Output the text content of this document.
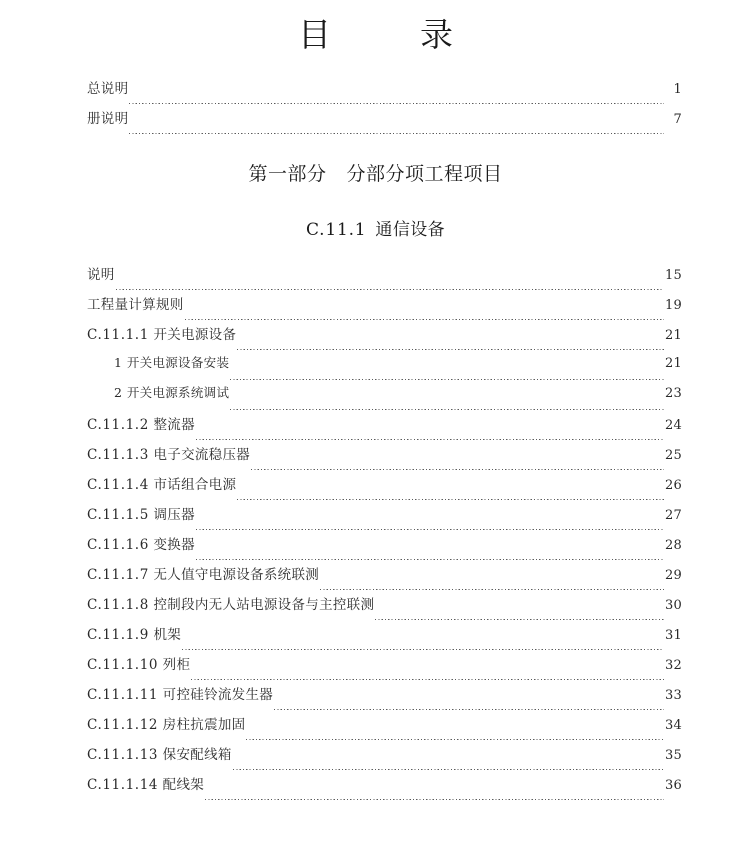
目　录
总说明	1
册说明	7
第一部分 分部分项工程项目
C.11.1 通信设备
说明	15
工程量计算规则	19
C.11.1.1 开关电源设备	21
1 开关电源设备安装	21
2 开关电源系统调试	23
C.11.1.2 整流器	24
C.11.1.3 电子交流稳压器	25
C.11.1.4 市话组合电源	26
C.11.1.5 调压器	27
C.11.1.6 变换器	28
C.11.1.7 无人值守电源设备系统联测	29
C.11.1.8 控制段内无人站电源设备与主控联测	30
C.11.1.9 机架	31
C.11.1.10 列柜	32
C.11.1.11 可控硅铃流发生器	33
C.11.1.12 房柱抗震加固	34
C.11.1.13 保安配线箱	35
C.11.1.14 配线架	36
